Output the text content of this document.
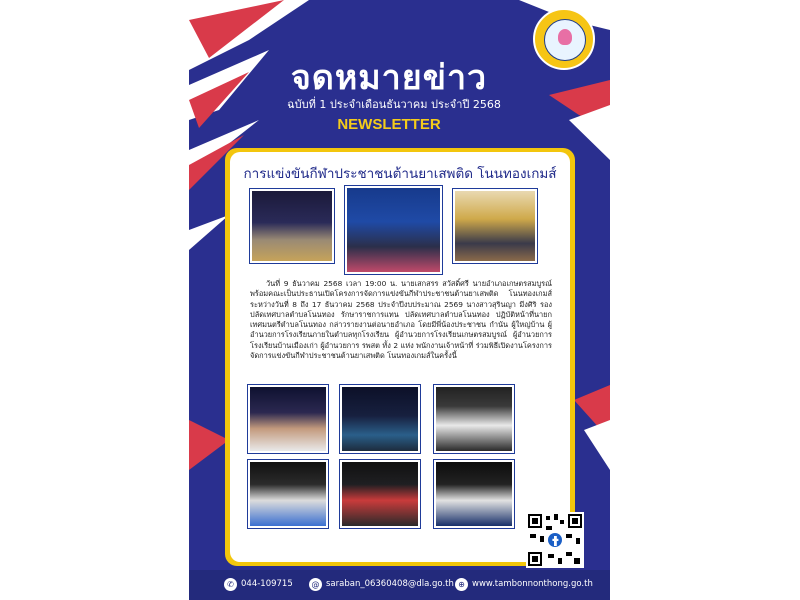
จดหมายข่าว
ฉบับที่ 1 ประจำเดือนธันวาคม ประจำปี 2568
NEWSLETTER
การแข่งขันกีฬาประชาชนต้านยาเสพติด โนนทองเกมส์
วันที่ 9 ธันวาคม 2568 เวลา 19:00 น. นายเสกสรร สวัสดิ์ศรี นายอำเภอเกษตรสมบูรณ์ พร้อมคณะเป็นประธานเปิดโครงการจัดการแข่งขันกีฬาประชาชนต้านยาเสพติด โนนทองเกมส์ ระหว่างวันที่ 8 ถึง 17 ธันวาคม 2568 ประจำปีงบประมาณ 2569 นางสาวสุรินญา มีงศิริ รองปลัดเทศบาลตำบลโนนทอง รักษาราชการแทน ปลัดเทศบาลตำบลโนนทอง ปฏิบัติหน้าที่นายกเทศมนตรีตำบลโนนทอง กล่าวรายงานต่อนายอำเภอ โดยมีพี่น้องประชาชน กำนัน ผู้ใหญ่บ้าน ผู้อำนวยการโรงเรียนภายในตำบลทุกโรงเรียน ผู้อำนวยการโรงเรียนเกษตรสมบูรณ์ ผู้อำนวยการโรงเรียนบ้านเมืองเก่า ผู้อำนวยการ รพสต ทั้ง 2 แห่ง พนักงานเจ้าหน้าที่ ร่วมพิธีเปิดงานโครงการจัดการแข่งขันกีฬาประชาชนต้านยาเสพติด โนนทองเกมส์ในครั้งนี้
✆ 044-109715	@ saraban_06360408@dla.go.th ⊕ www.tambonnonthong.go.th
